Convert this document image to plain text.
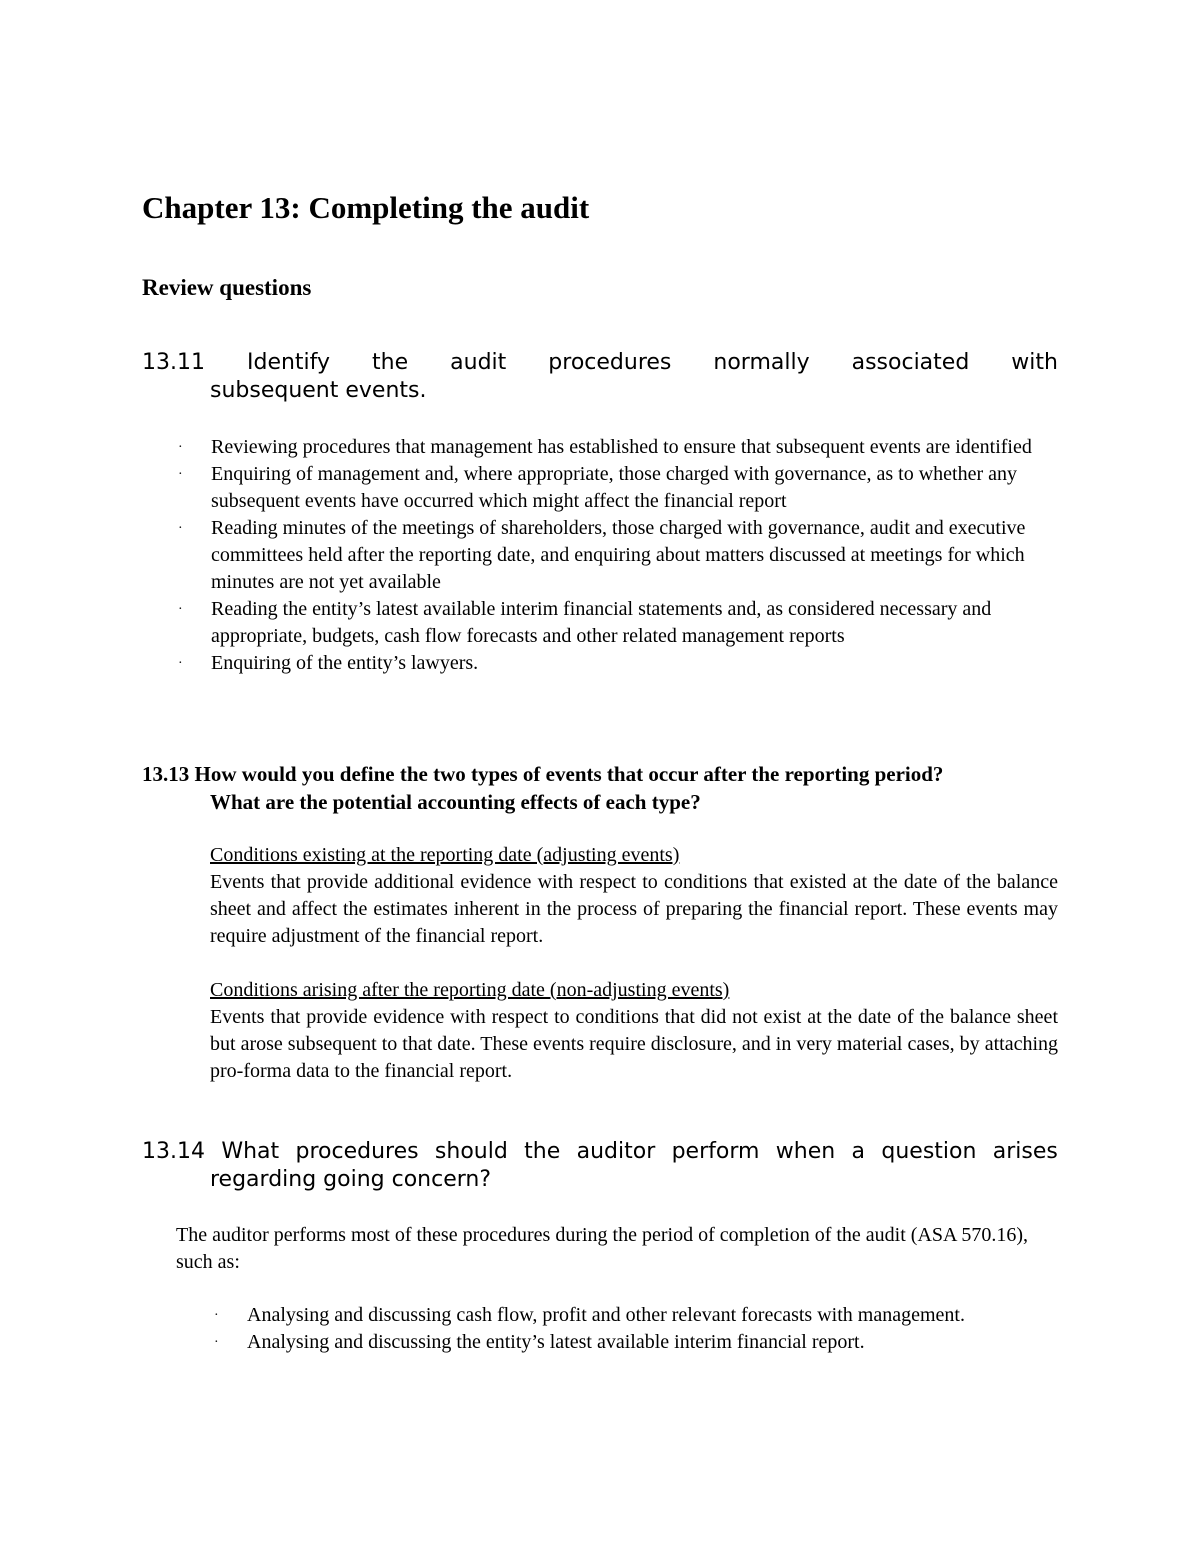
Chapter 13: Completing the audit
Review questions
13.11 Identify the audit procedures normally associated with
subsequent events.
· Reviewing procedures that management has established to ensure that subsequent events are identified
· Enquiring of management and, where appropriate, those charged with governance, as to whether any subsequent events have occurred which might affect the financial report
· Reading minutes of the meetings of shareholders, those charged with governance, audit and executive committees held after the reporting date, and enquiring about matters discussed at meetings for which minutes are not yet available
· Reading the entity’s latest available interim financial statements and, as considered necessary and appropriate, budgets, cash flow forecasts and other related management reports
· Enquiring of the entity’s lawyers.
13.13 How would you define the two types of events that occur after the reporting period?
What are the potential accounting effects of each type?
Conditions existing at the reporting date (adjusting events)
Events that provide additional evidence with respect to conditions that existed at the date of the balance sheet and affect the estimates inherent in the process of preparing the financial report. These events may require adjustment of the financial report.
Conditions arising after the reporting date (non-adjusting events)
Events that provide evidence with respect to conditions that did not exist at the date of the balance sheet but arose subsequent to that date. These events require disclosure, and in very material cases, by attaching pro-forma data to the financial report.
13.14 What procedures should the auditor perform when a question arises
regarding going concern?

The auditor performs most of these procedures during the period of completion of the audit (ASA 570.16), such as:

· Analysing and discussing cash flow, profit and other relevant forecasts with management.
· Analysing and discussing the entity’s latest available interim financial report.
